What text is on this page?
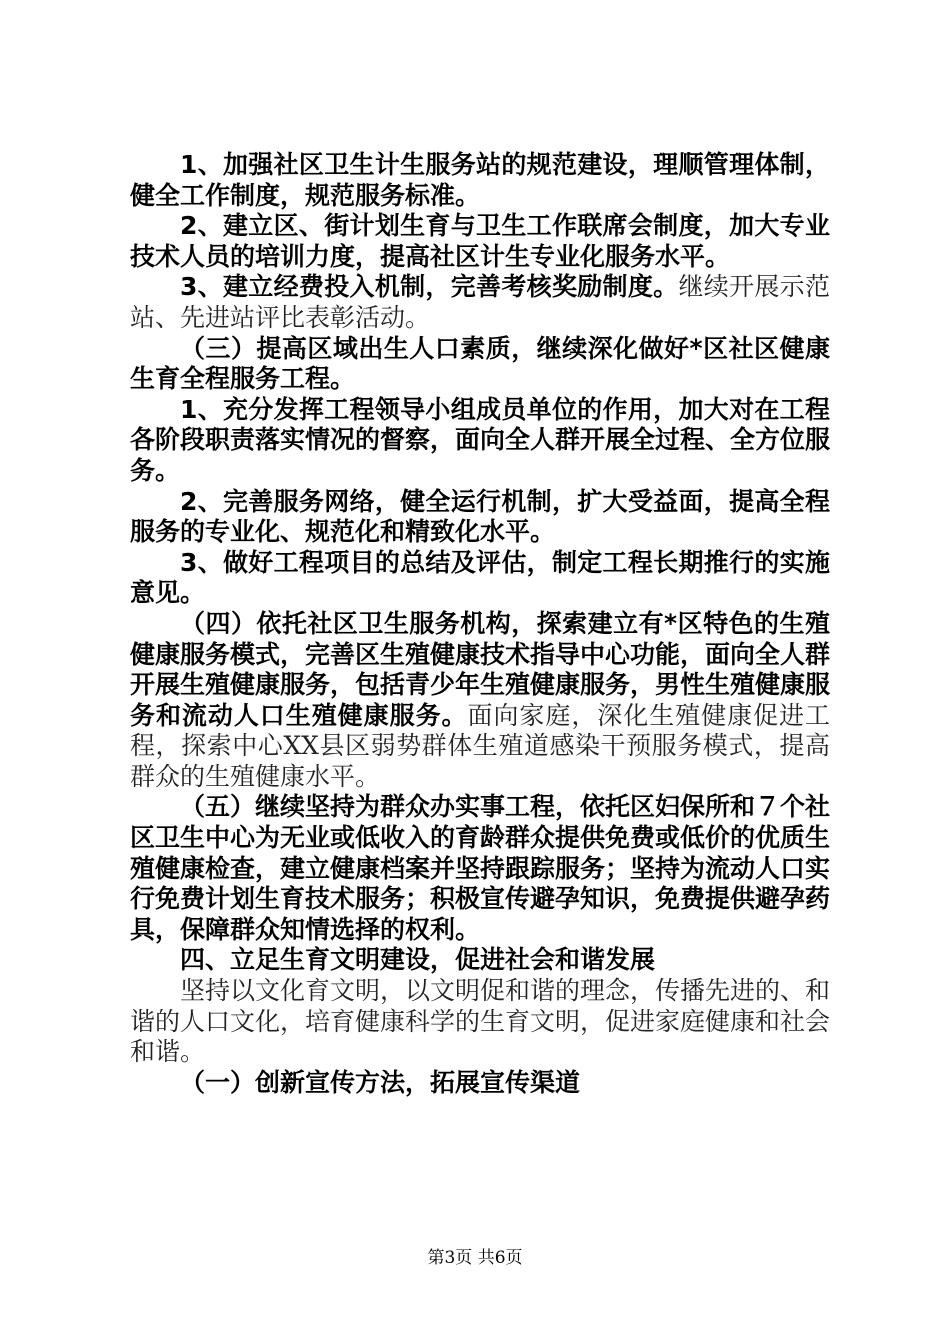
1、加强社区卫生计生服务站的规范建设，理顺管理体制，健全工作制度，规范服务标准。

2、建立区、街计划生育与卫生工作联席会制度，加大专业技术人员的培训力度，提高社区计生专业化服务水平。

3、建立经费投入机制，完善考核奖励制度。继续开展示范站、先进站评比表彰活动。

（三）提高区域出生人口素质，继续深化做好*区社区健康生育全程服务工程。

1、充分发挥工程领导小组成员单位的作用，加大对在工程各阶段职责落实情况的督察，面向全人群开展全过程、全方位服务。

2、完善服务网络，健全运行机制，扩大受益面，提高全程服务的专业化、规范化和精致化水平。

3、做好工程项目的总结及评估，制定工程长期推行的实施意见。

（四）依托社区卫生服务机构，探索建立有*区特色的生殖健康服务模式，完善区生殖健康技术指导中心功能，面向全人群开展生殖健康服务，包括青少年生殖健康服务，男性生殖健康服务和流动人口生殖健康服务。面向家庭，深化生殖健康促进工程，探索中心XX县区弱势群体生殖道感染干预服务模式，提高群众的生殖健康水平。

（五）继续坚持为群众办实事工程，依托区妇保所和７个社区卫生中心为无业或低收入的育龄群众提供免费或低价的优质生殖健康检查，建立健康档案并坚持跟踪服务；坚持为流动人口实行免费计划生育技术服务；积极宣传避孕知识，免费提供避孕药具，保障群众知情选择的权利。

四、立足生育文明建设，促进社会和谐发展

坚持以文化育文明，以文明促和谐的理念，传播先进的、和谐的人口文化，培育健康科学的生育文明，促进家庭健康和社会和谐。

（一）创新宣传方法，拓展宣传渠道

第3页 共6页
